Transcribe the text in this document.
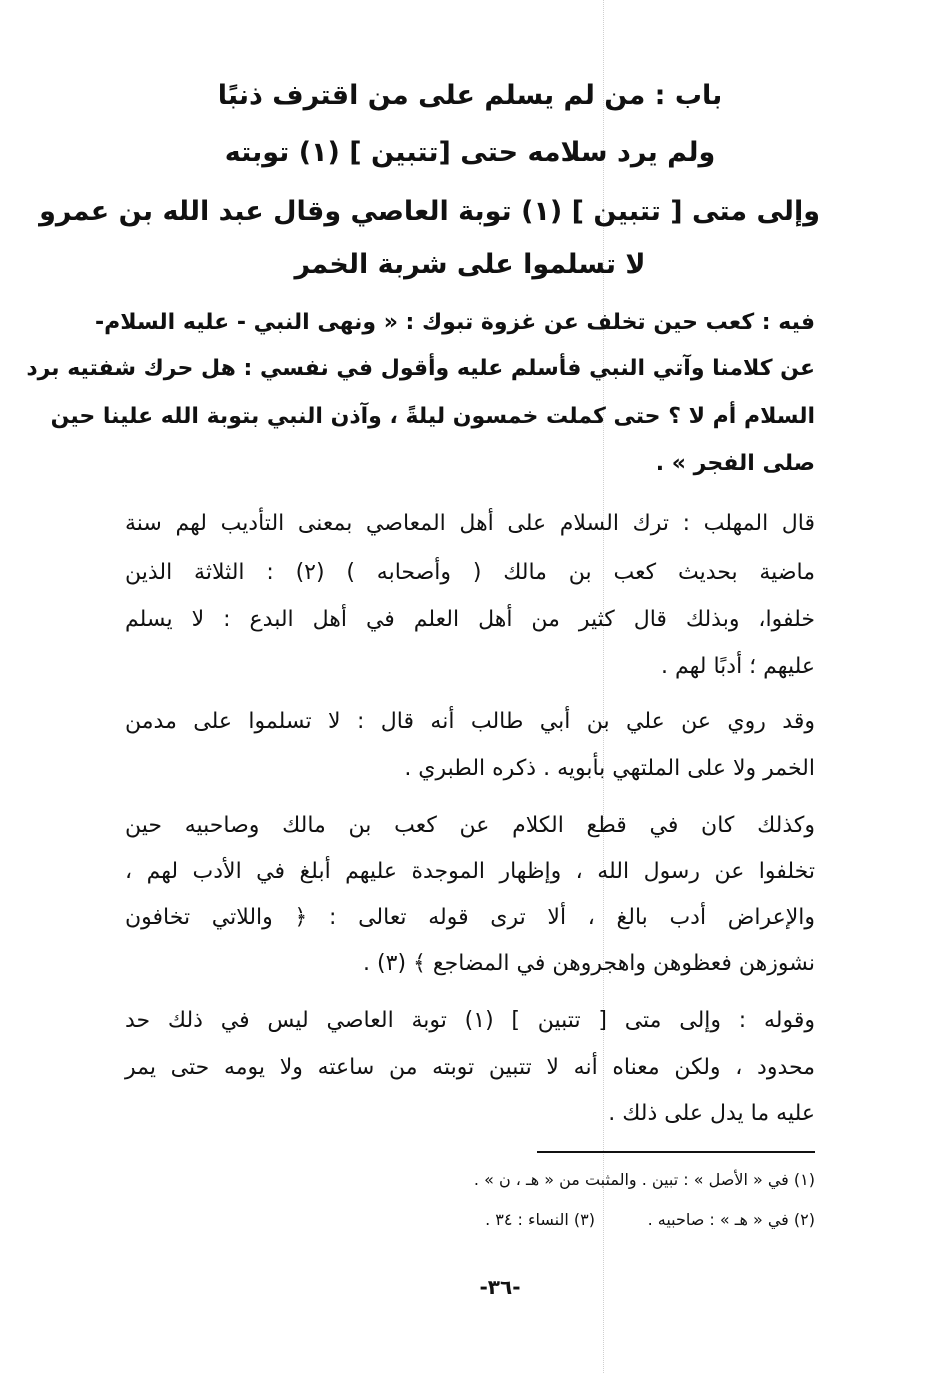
باب : من لم يسلم على من اقترف ذنبًا
ولم يرد سلامه حتى [تتبين ] (١) توبته
وإلى متى [ تتبين ] (١) توبة العاصي وقال عبد الله بن عمرو
لا تسلموا على شربة الخمر
فيه : كعب حين تخلف عن غزوة تبوك : « ونهى النبي - عليه السلام-
عن كلامنا وآتي النبي فأسلم عليه وأقول في نفسي : هل حرك شفتيه برد
السلام أم لا ؟ حتى كملت خمسون ليلةً ، وآذن النبي بتوبة الله علينا حين
صلى الفجر » .
قال المهلب : ترك السلام على أهل المعاصي بمعنى التأديب لهم سنة
ماضية بحديث كعب بن مالك ( وأصحابه ) (٢) : الثلاثة الذين
خلفوا، وبذلك قال كثير من أهل العلم في أهل البدع : لا يسلم
عليهم ؛ أدبًا لهم .
وقد روي عن علي بن أبي طالب أنه قال : لا تسلموا على مدمن
الخمر ولا على الملتهي بأبويه . ذكره الطبري .
وكذلك كان في قطع الكلام عن كعب بن مالك وصاحبيه حين
تخلفوا عن رسول الله ، وإظهار الموجدة عليهم أبلغ في الأدب لهم ،
والإعراض أدب بالغ ، ألا ترى قوله تعالى : ﴿ واللاتي تخافون
نشوزهن فعظوهن واهجروهن في المضاجع ﴾ (٣) .
وقوله : وإلى متى [ تتبين ] (١) توبة العاصي ليس في ذلك حد
محدود ، ولكن معناه أنه لا تتبين توبته من ساعته ولا يومه حتى يمر
عليه ما يدل على ذلك .
(١) في « الأصل » : تبين . والمثبت من « هـ ، ن » .
(٢) في « هـ » : صاحبيه .
(٣) النساء : ٣٤ .
-٣٦-
